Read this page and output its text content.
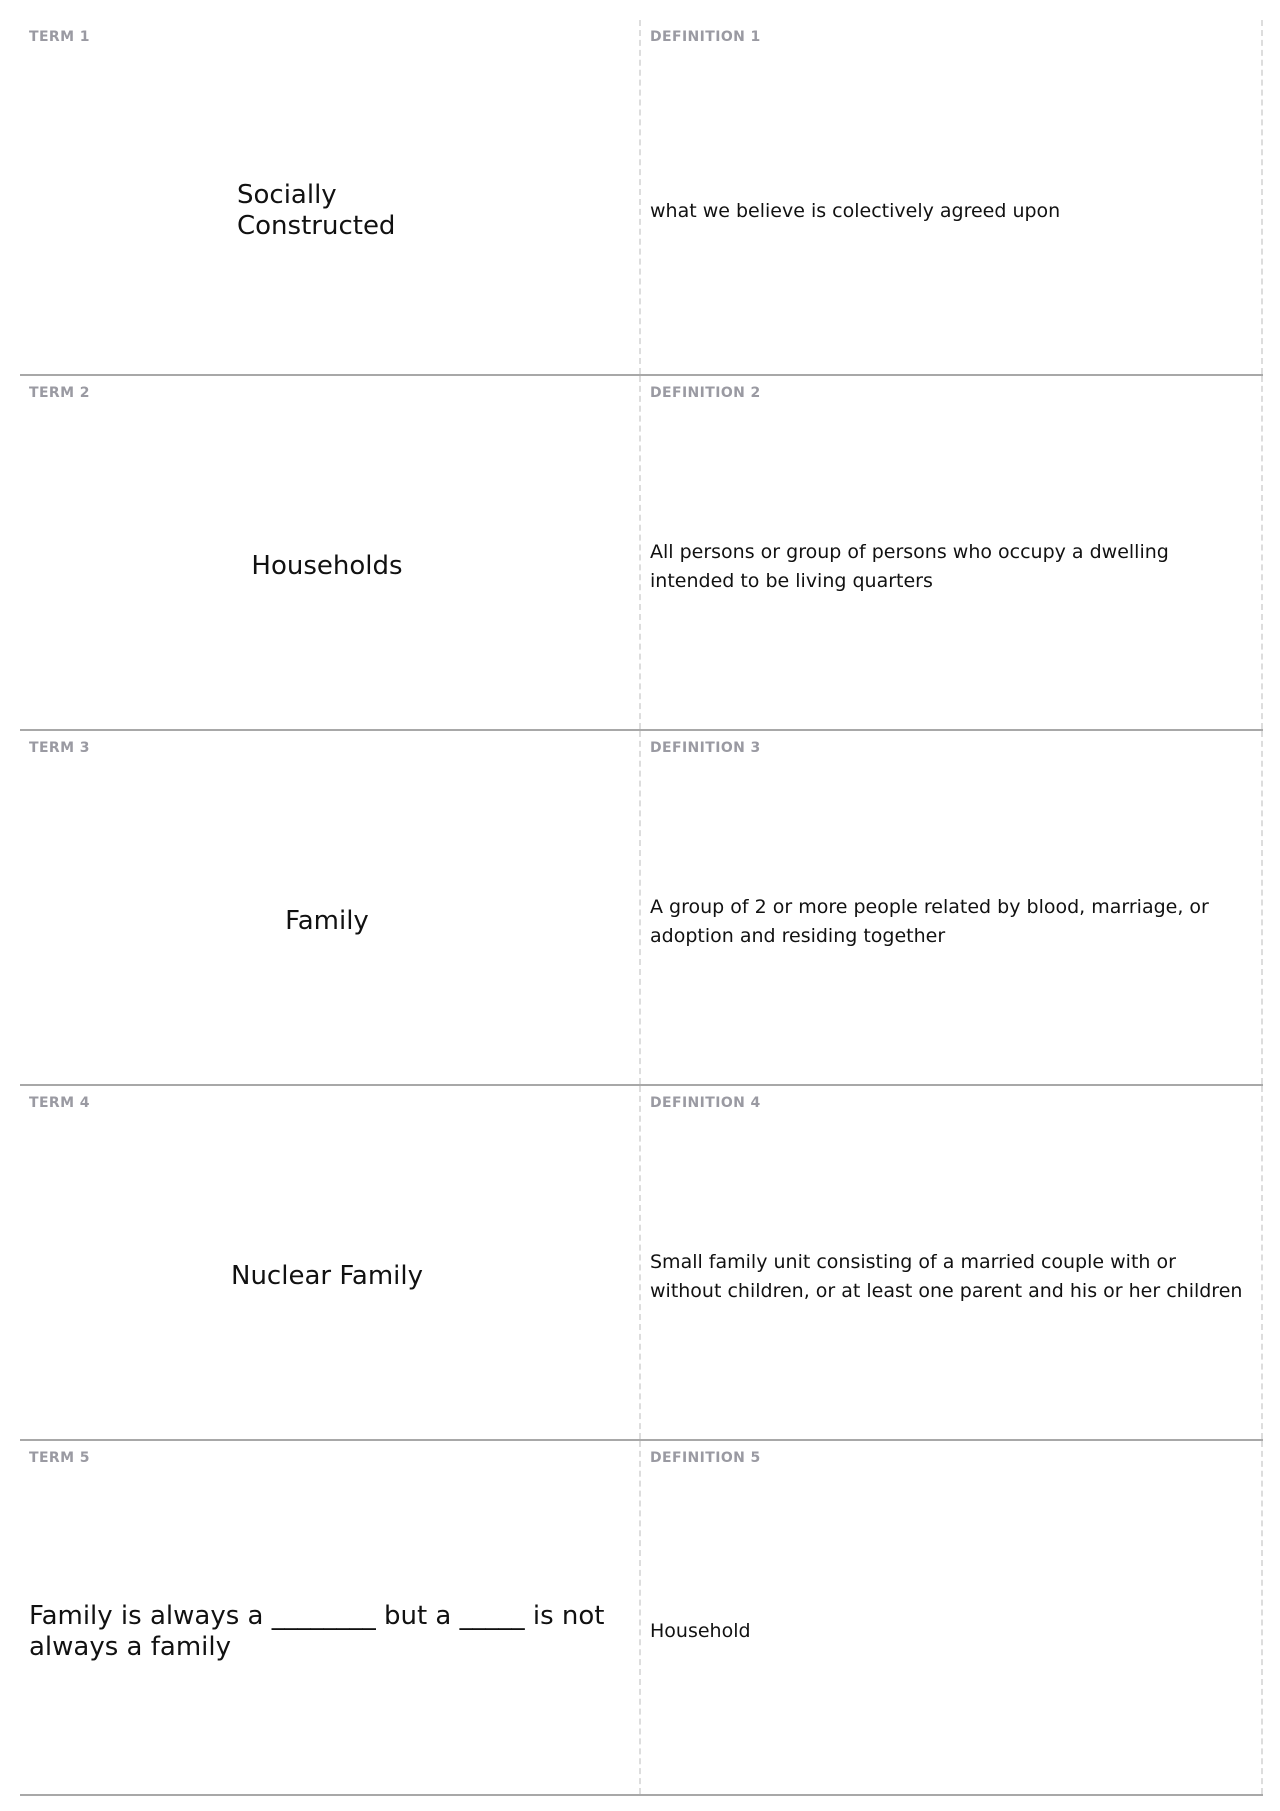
TERM 1
Socially Constructed
DEFINITION 1
what we believe is colectively agreed upon
TERM 2
Households
DEFINITION 2
All persons or group of persons who occupy a dwelling intended to be living quarters
TERM 3
Family
DEFINITION 3
A group of 2 or more people related by blood, marriage, or adoption and residing together
TERM 4
Nuclear Family
DEFINITION 4
Small family unit consisting of a married couple with or without children, or at least one parent and his or her children
TERM 5
Family is always a ________ but a _____ is not always a family
DEFINITION 5
Household
